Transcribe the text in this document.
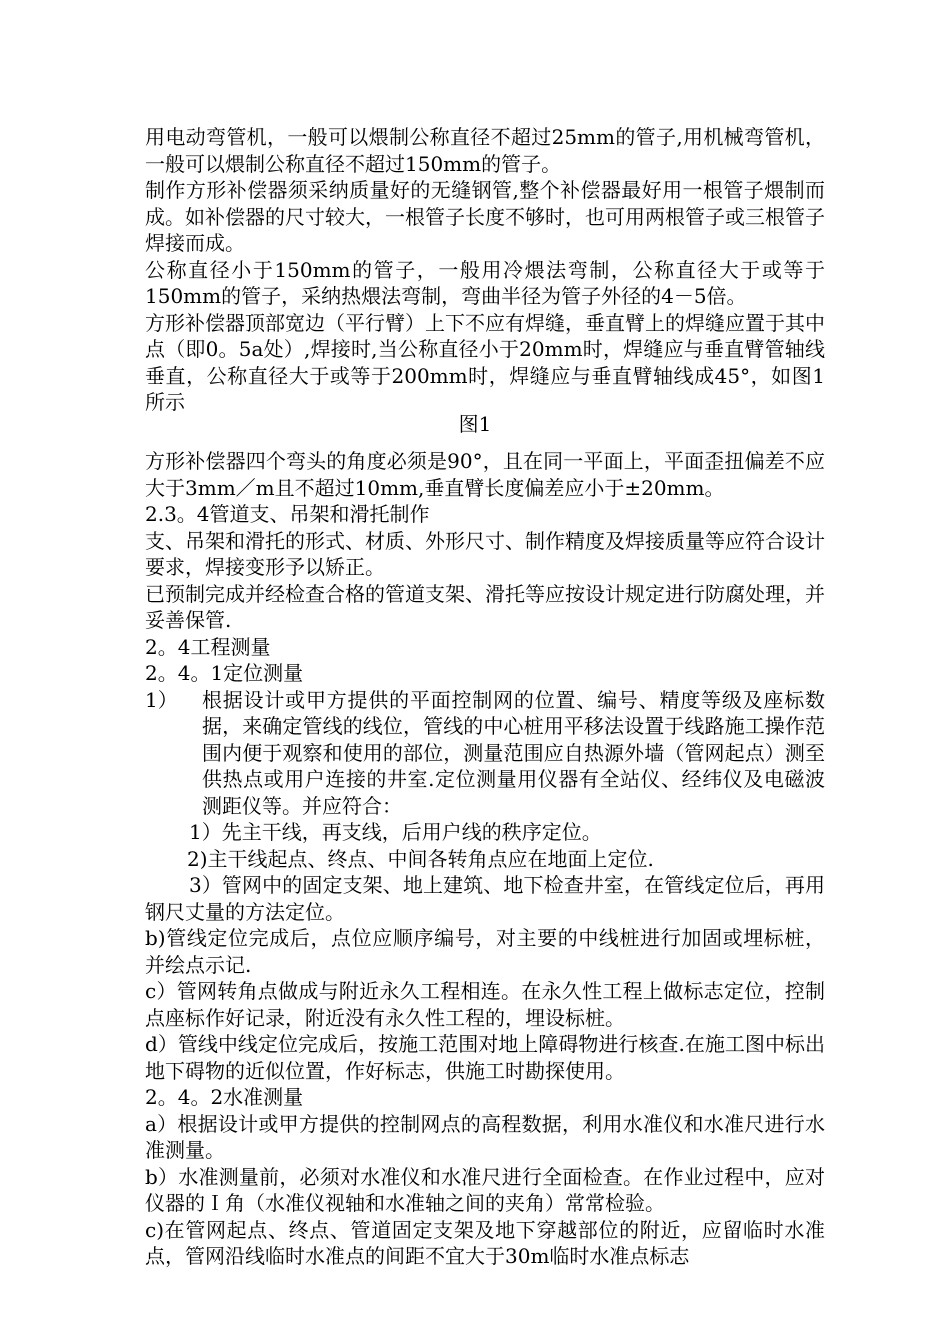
用电动弯管机，一般可以煨制公称直径不超过25mm的管子,用机械弯管机，一般可以煨制公称直径不超过150mm的管子。

制作方形补偿器须采纳质量好的无缝钢管,整个补偿器最好用一根管子煨制而成。如补偿器的尺寸较大，一根管子长度不够时，也可用两根管子或三根管子焊接而成。

公称直径小于150mm的管子，一般用冷煨法弯制，公称直径大于或等于150mm的管子，采纳热煨法弯制，弯曲半径为管子外径的4－5倍。

方形补偿器顶部宽边（平行臂）上下不应有焊缝，垂直臂上的焊缝应置于其中点（即0。5a处）,焊接时,当公称直径小于20mm时，焊缝应与垂直臂管轴线垂直，公称直径大于或等于200mm时，焊缝应与垂直臂轴线成45°，如图1所示

图1

方形补偿器四个弯头的角度必须是90°，且在同一平面上，平面歪扭偏差不应大于3mm／m且不超过10mm,垂直臂长度偏差应小于±20mm。

2.3。4管道支、吊架和滑托制作

支、吊架和滑托的形式、材质、外形尺寸、制作精度及焊接质量等应符合设计要求，焊接变形予以矫正。

已预制完成并经检查合格的管道支架、滑托等应按设计规定进行防腐处理，并妥善保管.

2。4工程测量

2。4。1定位测量

1）	根据设计或甲方提供的平面控制网的位置、编号、精度等级及座标数据，来确定管线的线位，管线的中心桩用平移法设置于线路施工操作范围内便于观察和使用的部位，测量范围应自热源外墙（管网起点）测至供热点或用户连接的井室.定位测量用仪器有全站仪、经纬仪及电磁波测距仪等。并应符合：

1）先主干线，再支线，后用户线的秩序定位。

2)主干线起点、终点、中间各转角点应在地面上定位.

3）管网中的固定支架、地上建筑、地下检查井室，在管线定位后，再用钢尺丈量的方法定位。

b)管线定位完成后，点位应顺序编号，对主要的中线桩进行加固或埋标桩，并绘点示记.

c）管网转角点做成与附近永久工程相连。在永久性工程上做标志定位，控制点座标作好记录，附近没有永久性工程的，埋设标桩。

d）管线中线定位完成后，按施工范围对地上障碍物进行核查.在施工图中标出地下碍物的近似位置，作好标志，供施工时勘探使用。

2。4。2水准测量

a）根据设计或甲方提供的控制网点的高程数据，利用水准仪和水准尺进行水准测量。

b）水准测量前，必须对水准仪和水准尺进行全面检查。在作业过程中，应对仪器的Ｉ角（水准仪视轴和水准轴之间的夹角）常常检验。

c)在管网起点、终点、管道固定支架及地下穿越部位的附近，应留临时水准点，管网沿线临时水准点的间距不宜大于30m临时水准点标志
